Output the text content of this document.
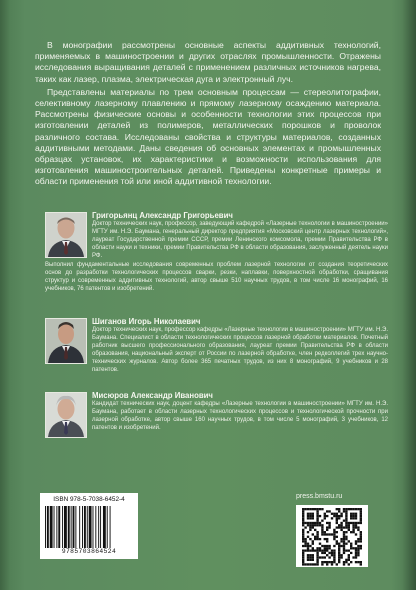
В монографии рассмотрены основные аспекты аддитивных технологий, применяемых в машиностроении и других отраслях промышленности. Отражены исследования выращивания деталей с применением различных источников нагрева, таких как лазер, плазма, электрическая дуга и электронный луч.

Представлены материалы по трем основным процессам — стереолитографии, селективному лазерному плавлению и прямому лазерному осаждению материала. Рассмотрены физические основы и особенности технологии этих процессов при изготовлении деталей из полимеров, металлических порошков и проволок различного состава. Исследованы свойства и структуры материалов, созданных аддитивными методами. Даны сведения об основных элементах и промышленных образцах установок, их характеристики и возможности использования для изготовления машиностроительных деталей. Приведены конкретные примеры и области применения той или иной аддитивной технологии.

Григорьянц Александр Григорьевич
Доктор технических наук, профессор, заведующий кафедрой «Лазерные технологии в машиностроении» МГТУ им. Н.Э. Баумана, генеральный директор предприятия «Московский центр лазерных технологий», лауреат Государственной премии СССР, премии Ленинского комсомола, премии Правительства РФ в области науки и техники, премии Правительства РФ в области образования, заслуженный деятель науки РФ.
Выполнил фундаментальные исследования современных проблем лазерной технологии от создания теоретических основ до разработки технологических процессов сварки, резки, наплавки, поверхностной обработки, сращивания структур и современных аддитивных технологий, автор свыше 510 научных трудов, в том числе 16 монографий, 16 учебников, 76 патентов и изобретений.
Шиганов Игорь Николаевич
Доктор технических наук, профессор кафедры «Лазерные технологии в машиностроении» МГТУ им. Н.Э. Баумана. Специалист в области технологических процессов лазерной обработки материалов. Почетный работник высшего профессионального образования, лауреат премии Правительства РФ в области образования, национальный эксперт от России по лазерной обработке, член редколлегий трех научно-технических журналов. Автор более 365 печатных трудов, из них 8 монографий, 9 учебников и 28 патентов.
Мисюров Александр Иванович
Кандидат технических наук, доцент кафедры «Лазерные технологии в машиностроении» МГТУ им. Н.Э. Баумана, работает в области лазерных технологических процессов и технологической прочности при лазерной обработке, автор свыше 160 научных трудов, в том числе 5 монографий, 3 учебников, 12 патентов и изобретений.
ISBN 978-5-7038-6452-4
9785703864524
press.bmstu.ru
